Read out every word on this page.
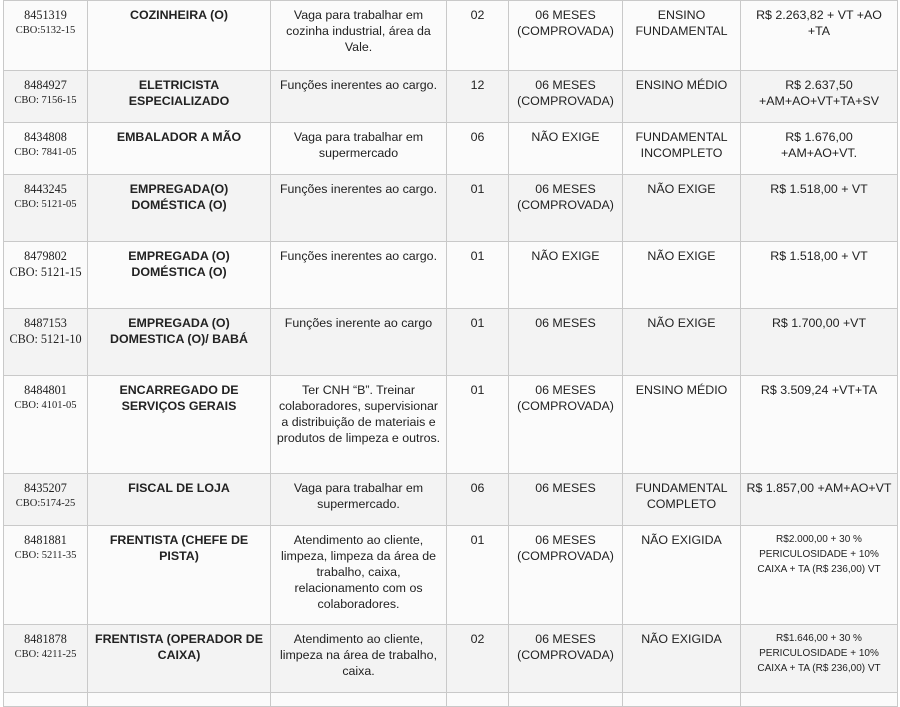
8451319
CBO:5132-15	COZINHEIRA (O)	Vaga para trabalhar em cozinha industrial, área da Vale.	02	06 MESES (COMPROVADA)	ENSINO FUNDAMENTAL	R$ 2.263,82 + VT +AO +TA

8484927
CBO: 7156-15	ELETRICISTA ESPECIALIZADO	Funções inerentes ao cargo.	12	06 MESES (COMPROVADA)	ENSINO MÉDIO	R$ 2.637,50 +AM+AO+VT+TA+SV

8434808
CBO: 7841-05	EMBALADOR A MÃO	Vaga para trabalhar em supermercado	06	NÃO EXIGE	FUNDAMENTAL INCOMPLETO	R$ 1.676,00 +AM+AO+VT.

8443245
CBO: 5121-05	EMPREGADA(O) DOMÉSTICA (O)	Funções inerentes ao cargo.	01	06 MESES (COMPROVADA)	NÃO EXIGE	R$ 1.518,00 + VT

8479802
CBO: 5121-15	EMPREGADA (O) DOMÉSTICA (O)	Funções inerentes ao cargo.	01	NÃO EXIGE	NÃO EXIGE	R$ 1.518,00 + VT

8487153
CBO: 5121-10	EMPREGADA (O) DOMESTICA (O)/ BABÁ	Funções inerente ao cargo	01	06 MESES	NÃO EXIGE	R$ 1.700,00 +VT

8484801
CBO: 4101-05	ENCARREGADO DE SERVIÇOS GERAIS	Ter CNH “B”. Treinar colaboradores, supervisionar a distribuição de materiais e produtos de limpeza e outros.	01	06 MESES (COMPROVADA)	ENSINO MÉDIO	R$ 3.509,24 +VT+TA

8435207
CBO:5174-25	FISCAL DE LOJA	Vaga para trabalhar em supermercado.	06	06 MESES	FUNDAMENTAL COMPLETO	R$ 1.857,00 +AM+AO+VT

8481881
CBO: 5211-35	FRENTISTA (CHEFE DE PISTA)	Atendimento ao cliente, limpeza, limpeza da área de trabalho, caixa, relacionamento com os colaboradores.	01	06 MESES (COMPROVADA)	NÃO EXIGIDA	R$2.000,00 + 30 % PERICULOSIDADE + 10% CAIXA + TA (R$ 236,00) VT

8481878
CBO: 4211-25	FRENTISTA (OPERADOR DE CAIXA)	Atendimento ao cliente, limpeza na área de trabalho, caixa.	02	06 MESES (COMPROVADA)	NÃO EXIGIDA	R$1.646,00 + 30 % PERICULOSIDADE + 10% CAIXA + TA (R$ 236,00) VT
